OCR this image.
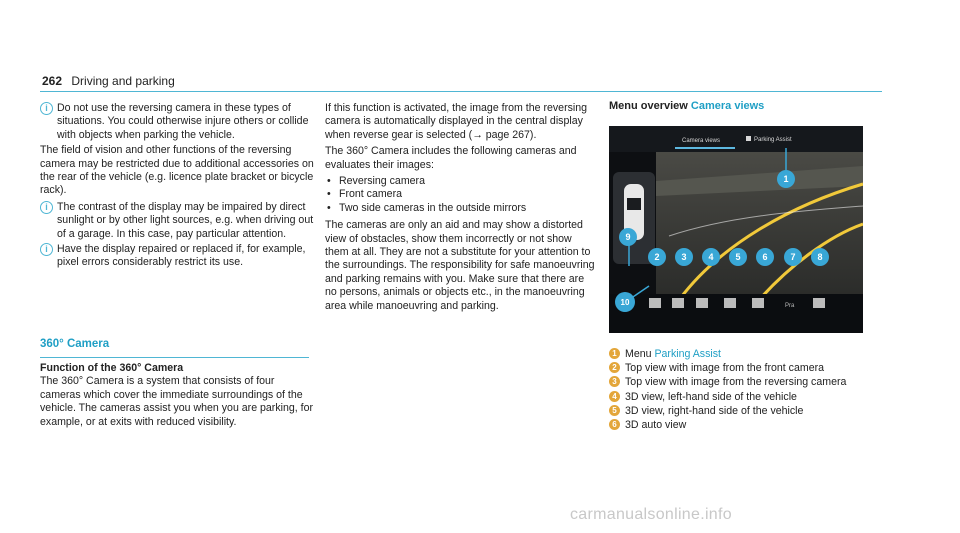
262 Driving and parking
i Do not use the reversing camera in these types of situations. You could otherwise injure others or collide with objects when parking the vehicle.

The field of vision and other functions of the reversing camera may be restricted due to additional accessories on the rear of the vehicle (e.g. licence plate bracket or bicycle rack).

i The contrast of the display may be impaired by direct sunlight or by other light sources, e.g. when driving out of a garage. In this case, pay particular attention.
i Have the display repaired or replaced if, for example, pixel errors considerably restrict its use.
360° Camera
Function of the 360° Camera

The 360° Camera is a system that consists of four cameras which cover the immediate surroundings of the vehicle. The cameras assist you when you are parking, for example, or at exits with reduced visibility.

If this function is activated, the image from the reversing camera is automatically displayed in the central display when reverse gear is selected (→ page 267).

The 360° Camera includes the following cameras and evaluates their images:

• Reversing camera
• Front camera
• Two side cameras in the outside mirrors

The cameras are only an aid and may show a distorted view of obstacles, show them incorrectly or not show them at all. They are not a substitute for your attention to the surroundings. The responsibility for safe manoeuvring and parking remains with you. Make sure that there are no persons, animals or objects etc., in the manoeuvring area while manoeuvring and parking.

Menu overview Camera views
Camera views	Parking Assist
Pra
1
2 3 4 5 6	7 8
9
10
1 Menu Parking Assist
2 Top view with image from the front camera
3 Top view with image from the reversing camera
4 3D view, left-hand side of the vehicle
5 3D view, right-hand side of the vehicle
6 3D auto view
carmanualsonline.info
